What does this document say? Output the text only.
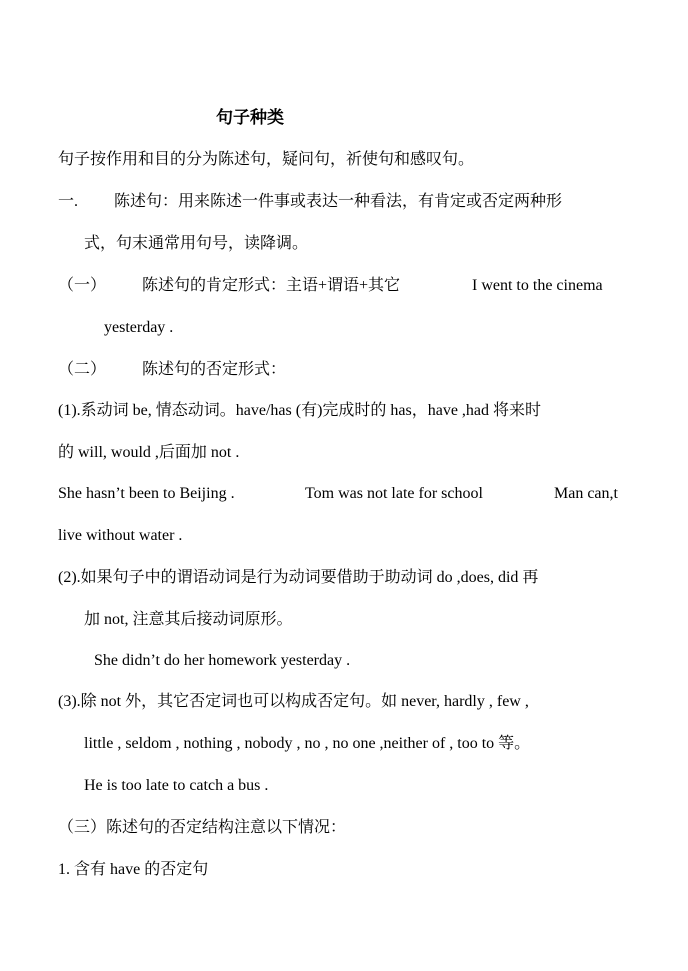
句子种类
句子按作用和目的分为陈述句，疑问句，祈使句和感叹句。
一. 陈述句：用来陈述一件事或表达一种看法，有肯定或否定两种形
式，句末通常用句号，读降调。
（一） 陈述句的肯定形式：主语+谓语+其它	I went to the cinema
yesterday .
（二） 陈述句的否定形式：
(1).系动词 be, 情态动词。have/has (有)完成时的 has，have ,had 将来时
的 will, would ,后面加 not .
She hasn’t been to Beijing .	Tom was not late for school	Man can,t
live without water .
(2).如果句子中的谓语动词是行为动词要借助于助动词 do ,does, did 再
加 not, 注意其后接动词原形。
She didn’t do her homework yesterday .
(3).除 not 外，其它否定词也可以构成否定句。如 never, hardly , few ,
little , seldom , nothing , nobody , no , no one ,neither of , too to 等。
He is too late to catch a bus .
（三）陈述句的否定结构注意以下情况：
1. 含有 have 的否定句
